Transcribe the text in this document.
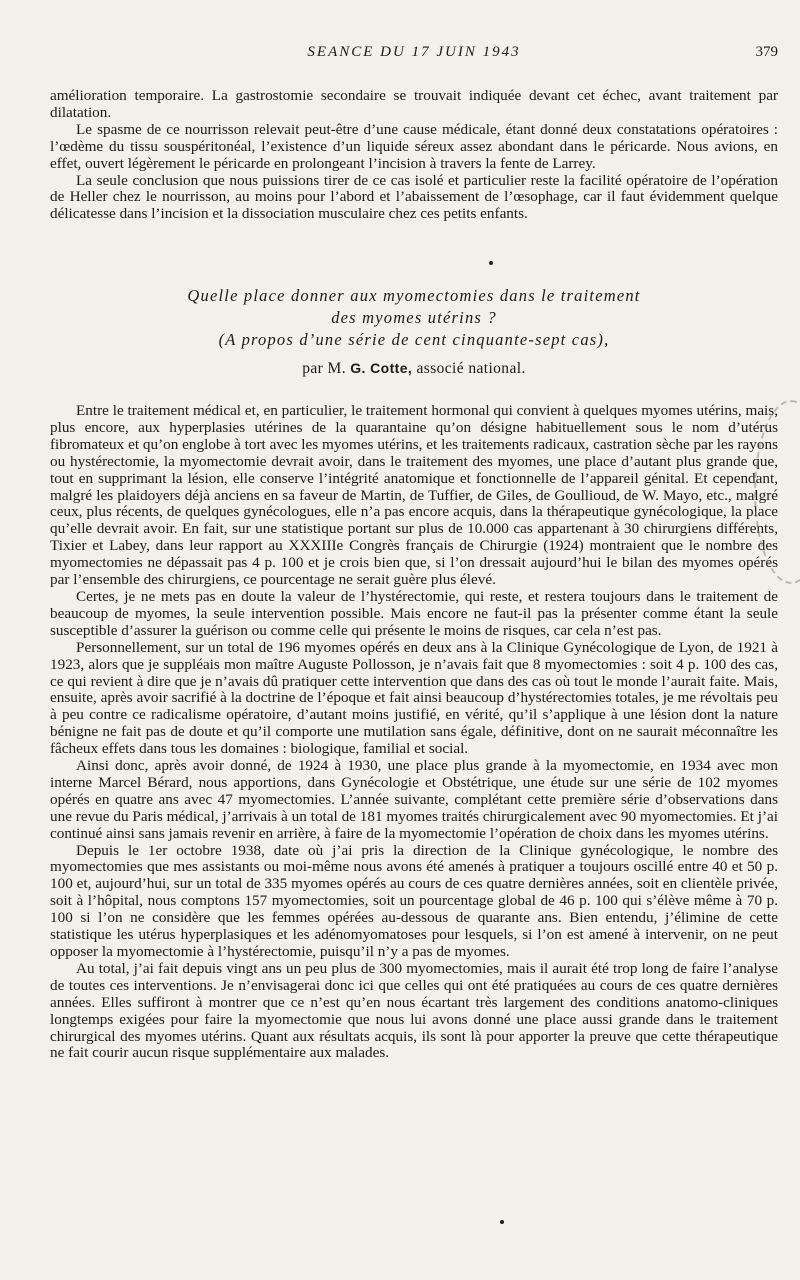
SEANCE DU 17 JUIN 1943	379

amélioration temporaire. La gastrostomie secondaire se trouvait indiquée devant cet échec, avant traitement par dilatation.

Le spasme de ce nourrisson relevait peut-être d’une cause médicale, étant donné deux constatations opératoires : l’œdème du tissu souspéritonéal, l’existence d’un liquide séreux assez abondant dans le péricarde. Nous avions, en effet, ouvert légèrement le péricarde en prolongeant l’incision à travers la fente de Larrey.

La seule conclusion que nous puissions tirer de ce cas isolé et particulier reste la facilité opératoire de l’opération de Heller chez le nourrisson, au moins pour l’abord et l’abaissement de l’œsophage, car il faut évidemment quelque délicatesse dans l’incision et la dissociation musculaire chez ces petits enfants.

Quelle place donner aux myomectomies dans le traitement
des myomes utérins ?
(A propos d’une série de cent cinquante-sept cas),
par M. G. Cotte, associé national.

Entre le traitement médical et, en particulier, le traitement hormonal qui convient à quelques myomes utérins, mais, plus encore, aux hyperplasies utérines de la quarantaine qu’on désigne habituellement sous le nom d’utérus fibromateux et qu’on englobe à tort avec les myomes utérins, et les traitements radicaux, castration sèche par les rayons ou hystérectomie, la myomectomie devrait avoir, dans le traitement des myomes, une place d’autant plus grande que, tout en supprimant la lésion, elle conserve l’intégrité anatomique et fonctionnelle de l’appareil génital. Et cependant, malgré les plaidoyers déjà anciens en sa faveur de Martin, de Tuffier, de Giles, de Goullioud, de W. Mayo, etc., malgré ceux, plus récents, de quelques gynécologues, elle n’a pas encore acquis, dans la thérapeutique gynécologique, la place qu’elle devrait avoir. En fait, sur une statistique portant sur plus de 10.000 cas appartenant à 30 chirurgiens différents, Tixier et Labey, dans leur rapport au XXXIIIe Congrès français de Chirurgie (1924) montraient que le nombre des myomectomies ne dépassait pas 4 p. 100 et je crois bien que, si l’on dressait aujourd’hui le bilan des myomes opérés par l’ensemble des chirurgiens, ce pourcentage ne serait guère plus élevé.

Certes, je ne mets pas en doute la valeur de l’hystérectomie, qui reste, et restera toujours dans le traitement de beaucoup de myomes, la seule intervention possible. Mais encore ne faut-il pas la présenter comme étant la seule susceptible d’assurer la guérison ou comme celle qui présente le moins de risques, car cela n’est pas.

Personnellement, sur un total de 196 myomes opérés en deux ans à la Clinique Gynécologique de Lyon, de 1921 à 1923, alors que je suppléais mon maître Auguste Pollosson, je n’avais fait que 8 myomectomies : soit 4 p. 100 des cas, ce qui revient à dire que je n’avais dû pratiquer cette intervention que dans des cas où tout le monde l’aurait faite. Mais, ensuite, après avoir sacrifié à la doctrine de l’époque et fait ainsi beaucoup d’hystérectomies totales, je me révoltais peu à peu contre ce radicalisme opératoire, d’autant moins justifié, en vérité, qu’il s’applique à une lésion dont la nature bénigne ne fait pas de doute et qu’il comporte une mutilation sans égale, définitive, dont on ne saurait méconnaître les fâcheux effets dans tous les domaines : biologique, familial et social.

Ainsi donc, après avoir donné, de 1924 à 1930, une place plus grande à la myomectomie, en 1934 avec mon interne Marcel Bérard, nous apportions, dans Gynécologie et Obstétrique, une étude sur une série de 102 myomes opérés en quatre ans avec 47 myomectomies. L’année suivante, complétant cette première série d’observations dans une revue du Paris médical, j’arrivais à un total de 181 myomes traités chirurgicalement avec 90 myomectomies. Et j’ai continué ainsi sans jamais revenir en arrière, à faire de la myomectomie l’opération de choix dans les myomes utérins.

Depuis le 1er octobre 1938, date où j’ai pris la direction de la Clinique gynécologique, le nombre des myomectomies que mes assistants ou moi-même nous avons été amenés à pratiquer a toujours oscillé entre 40 et 50 p. 100 et, aujourd’hui, sur un total de 335 myomes opérés au cours de ces quatre dernières années, soit en clientèle privée, soit à l’hôpital, nous comptons 157 myomectomies, soit un pourcentage global de 46 p. 100 qui s’élève même à 70 p. 100 si l’on ne considère que les femmes opérées au-dessous de quarante ans. Bien entendu, j’élimine de cette statistique les utérus hyperplasiques et les adénomyomatoses pour lesquels, si l’on est amené à intervenir, on ne peut opposer la myomectomie à l’hystérectomie, puisqu’il n’y a pas de myomes.

Au total, j’ai fait depuis vingt ans un peu plus de 300 myomectomies, mais il aurait été trop long de faire l’analyse de toutes ces interventions. Je n’envisagerai donc ici que celles qui ont été pratiquées au cours de ces quatre dernières années. Elles suffiront à montrer que ce n’est qu’en nous écartant très largement des conditions anatomo-cliniques longtemps exigées pour faire la myomectomie que nous lui avons donné une place aussi grande dans le traitement chirurgical des myomes utérins. Quant aux résultats acquis, ils sont là pour apporter la preuve que cette thérapeutique ne fait courir aucun risque supplémentaire aux malades.
